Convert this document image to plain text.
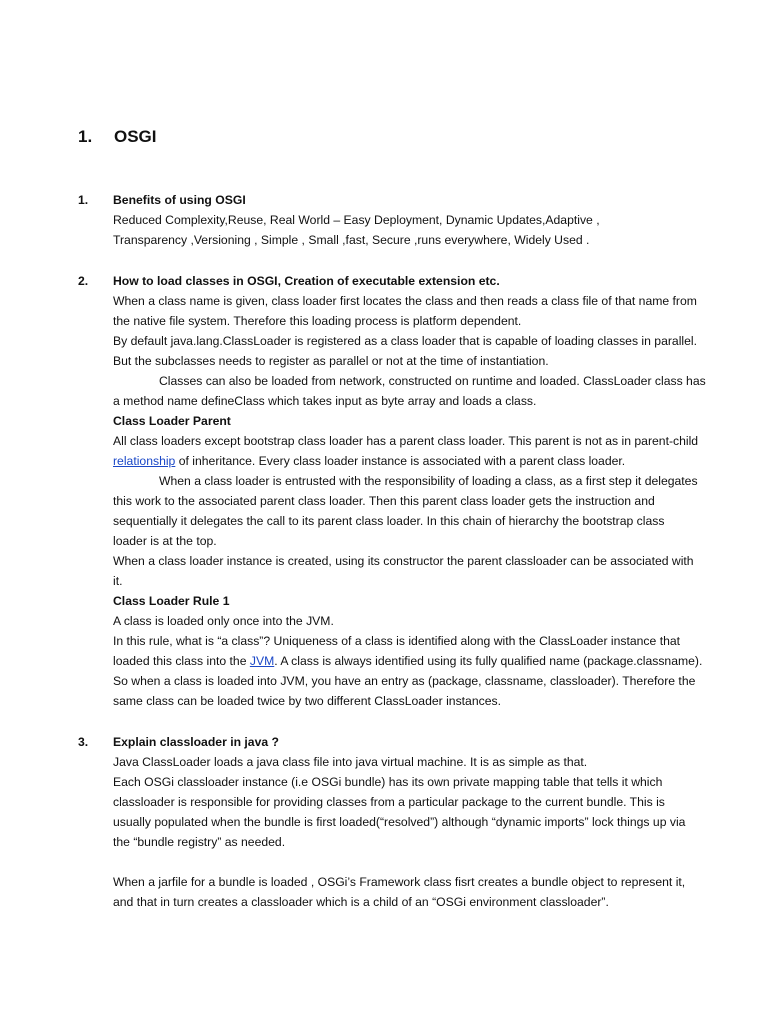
1. OSGI
1. Benefits of using OSGI
Reduced Complexity,Reuse, Real World – Easy Deployment, Dynamic Updates,Adaptive ,
Transparency ,Versioning , Simple , Small ,fast, Secure ,runs everywhere, Widely Used .
2. How to load classes in OSGI, Creation of executable extension etc.
When a class name is given, class loader first locates the class and then reads a class file of that name from
the native file system. Therefore this loading process is platform dependent.
By default java.lang.ClassLoader is registered as a class loader that is capable of loading classes in parallel.
But the subclasses needs to register as parallel or not at the time of instantiation.
Classes can also be loaded from network, constructed on runtime and loaded. ClassLoader class has
a method name defineClass which takes input as byte array and loads a class.
Class Loader Parent
All class loaders except bootstrap class loader has a parent class loader. This parent is not as in parent-child
relationship of inheritance. Every class loader instance is associated with a parent class loader.
When a class loader is entrusted with the responsibility of loading a class, as a first step it delegates
this work to the associated parent class loader. Then this parent class loader gets the instruction and
sequentially it delegates the call to its parent class loader. In this chain of hierarchy the bootstrap class
loader is at the top.
When a class loader instance is created, using its constructor the parent classloader can be associated with
it.
Class Loader Rule 1
A class is loaded only once into the JVM.
In this rule, what is “a class”? Uniqueness of a class is identified along with the ClassLoader instance that
loaded this class into the JVM. A class is always identified using its fully qualified name (package.classname).
So when a class is loaded into JVM, you have an entry as (package, classname, classloader). Therefore the
same class can be loaded twice by two different ClassLoader instances.
3. Explain classloader in java ?
Java ClassLoader loads a java class file into java virtual machine. It is as simple as that.
Each OSGi classloader instance (i.e OSGi bundle) has its own private mapping table that tells it which
classloader is responsible for providing classes from a particular package to the current bundle. This is
usually populated when the bundle is first loaded(“resolved”) although “dynamic imports” lock things up via
the “bundle registry” as needed.
When a jarfile for a bundle is loaded , OSGi’s Framework class fisrt creates a bundle object to represent it,
and that in turn creates a classloader which is a child of an “OSGi environment classloader”.
